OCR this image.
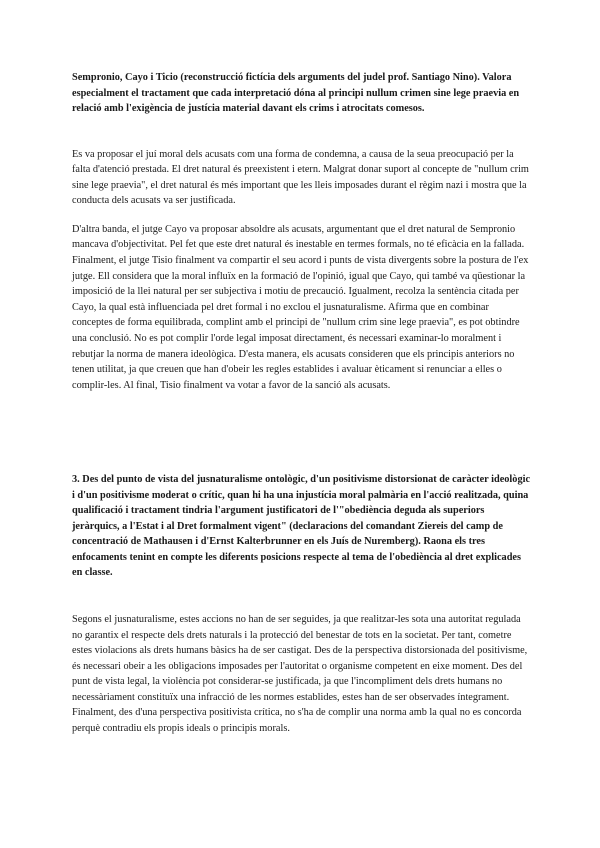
Sempronio, Cayo i Ticio (reconstrucció fictícia dels arguments del judel prof. Santiago Nino). Valora especialment el tractament que cada interpretació dóna al principi nullum crimen sine lege praevia en relació amb l'exigència de justícia material davant els crims i atrocitats comesos.

Es va proposar el juí moral dels acusats com una forma de condemna, a causa de la seua preocupació per la falta d'atenció prestada. El dret natural és preexistent i etern. Malgrat donar suport al concepte de "nullum crim sine lege praevia", el dret natural és més important que les lleis imposades durant el règim nazi i mostra que la conducta dels acusats va ser justificada.

D'altra banda, el jutge Cayo va proposar absoldre als acusats, argumentant que el dret natural de Sempronio mancava d'objectivitat. Pel fet que este dret natural és inestable en termes formals, no té eficàcia en la fallada. Finalment, el jutge Tisio finalment va compartir el seu acord i punts de vista divergents sobre la postura de l'ex jutge. Ell considera que la moral influïx en la formació de l'opinió, igual que Cayo, qui també va qüestionar la imposició de la llei natural per ser subjectiva i motiu de precaució. Igualment, recolza la sentència citada per Cayo, la qual està influenciada pel dret formal i no exclou el jusnaturalisme. Afirma que en combinar conceptes de forma equilibrada, complint amb el principi de "nullum crim sine lege praevia", es pot obtindre una conclusió. No es pot complir l'orde legal imposat directament, és necessari examinar-lo moralment i rebutjar la norma de manera ideològica. D'esta manera, els acusats consideren que els principis anteriors no tenen utilitat, ja que creuen que han d'obeir les regles establides i avaluar èticament si renunciar a elles o complir-les. Al final, Tisio finalment va votar a favor de la sanció als acusats.

3. Des del punto de vista del jusnaturalisme ontològic, d'un positivisme distorsionat de caràcter ideològic i d'un positivisme moderat o crític, quan hi ha una injustícia moral palmària en l'acció realitzada, quina qualificació i tractament tindria l'argument justificatori de l'"obediència deguda als superiors jeràrquics, a l'Estat i al Dret formalment vigent" (declaracions del comandant Ziereis del camp de concentració de Mathausen i d'Ernst Kalterbrunner en els Juís de Nuremberg). Raona els tres enfocaments tenint en compte les diferents posicions respecte al tema de l'obediència al dret explicades en classe.

Segons el jusnaturalisme, estes accions no han de ser seguides, ja que realitzar-les sota una autoritat regulada no garantix el respecte dels drets naturals i la protecció del benestar de tots en la societat. Per tant, cometre estes violacions als drets humans bàsics ha de ser castigat. Des de la perspectiva distorsionada del positivisme, és necessari obeir a les obligacions imposades per l'autoritat o organisme competent en eixe moment. Des del punt de vista legal, la violència pot considerar-se justificada, ja que l'incompliment dels drets humans no necessàriament constituïx una infracció de les normes establides, estes han de ser observades íntegrament. Finalment, des d'una perspectiva positivista crítica, no s'ha de complir una norma amb la qual no es concorda perquè contradiu els propis ideals o principis morals.
